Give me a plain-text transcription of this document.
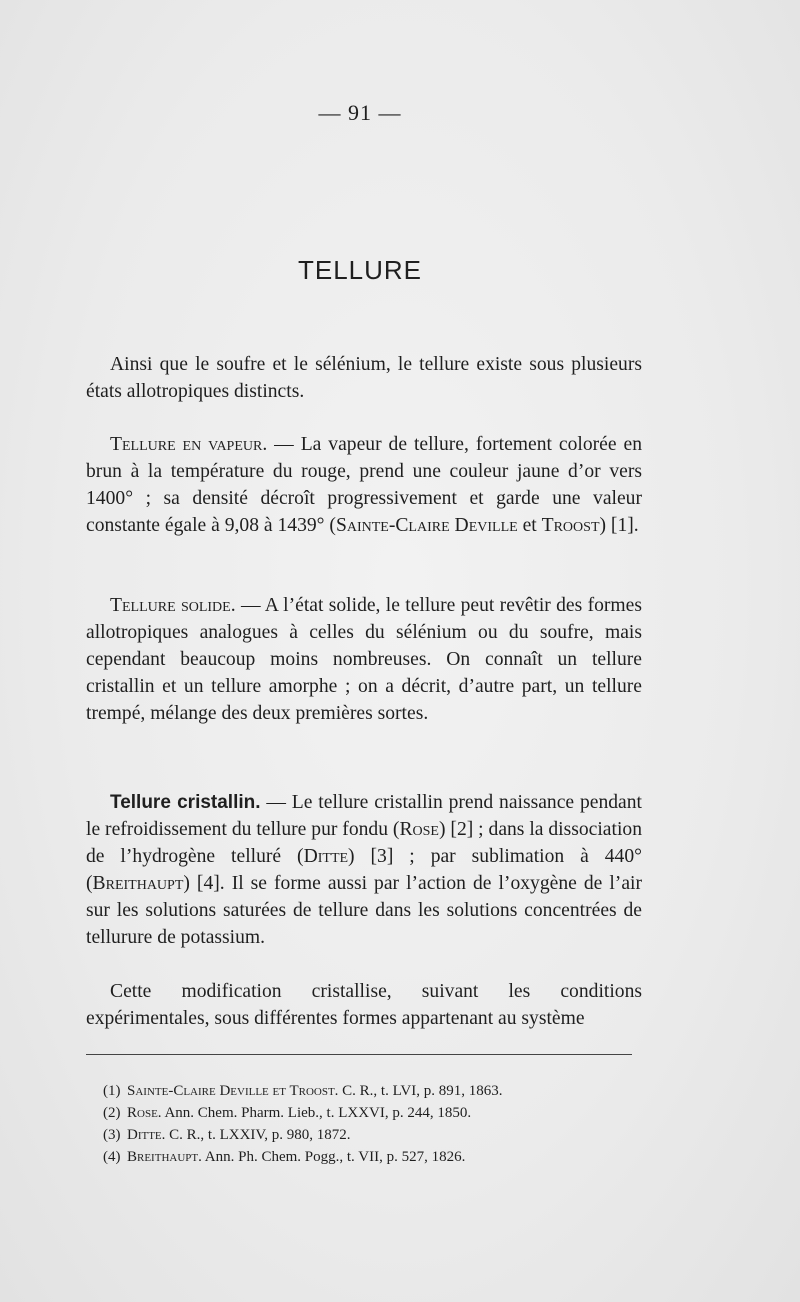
— 91 —
TELLURE

Ainsi que le soufre et le sélénium, le tellure existe sous plusieurs états allotropiques distincts.

Tellure en vapeur. — La vapeur de tellure, fortement colorée en brun à la température du rouge, prend une couleur jaune d’or vers 1400° ; sa densité décroît progressivement et garde une valeur constante égale à 9,08 à 1439° (Sainte-Claire Deville et Troost) [1].

Tellure solide. — A l’état solide, le tellure peut revêtir des formes allotropiques analogues à celles du sélénium ou du soufre, mais cependant beaucoup moins nombreuses. On connaît un tellure cristallin et un tellure amorphe ; on a décrit, d’autre part, un tellure trempé, mélange des deux premières sortes.

Tellure cristallin. — Le tellure cristallin prend naissance pendant le refroidissement du tellure pur fondu (Rose) [2] ; dans la dissociation de l’hydrogène telluré (Ditte) [3] ; par sublimation à 440° (Breithaupt) [4]. Il se forme aussi par l’action de l’oxygène de l’air sur les solutions saturées de tellure dans les solutions concentrées de tellurure de potassium.

Cette modification cristallise, suivant les conditions expérimentales, sous différentes formes appartenant au système

(1) Sainte-Claire Deville et Troost. C. R., t. LVI, p. 891, 1863.
(2) Rose. Ann. Chem. Pharm. Lieb., t. LXXVI, p. 244, 1850.
(3) Ditte. C. R., t. LXXIV, p. 980, 1872.
(4) Breithaupt. Ann. Ph. Chem. Pogg., t. VII, p. 527, 1826.
